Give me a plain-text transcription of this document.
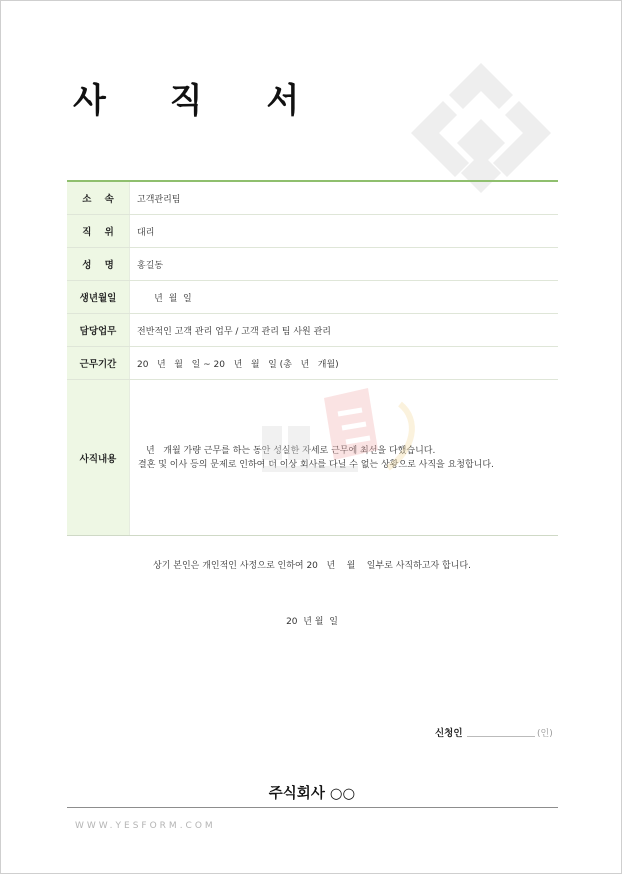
사 직 서
소    속	고객관리팀
직    위	대리
성    명	홍길동
생년월일	년  월  일
담당업무	전반적인 고객 관리 업무 / 고객 관리 팀 사원 관리
근무기간	20   년   월   일 ~ 20   년   월   일 (총   년   개월)
사직내용
년   개월 가량 근무를 하는 동안 성실한 자세로 근무에 최선을 다했습니다.
결혼 및 이사 등의 문제로 인하여 더 이상 회사를 다닐 수 없는 상황으로 사직을 요청합니다.
상기 본인은 개인적인 사정으로 인하여 20   년    월    일부로 사직하고자 합니다.
20  년 월  일
신청인	(인)
주식회사 ○○
WWW.YESFORM.COM
